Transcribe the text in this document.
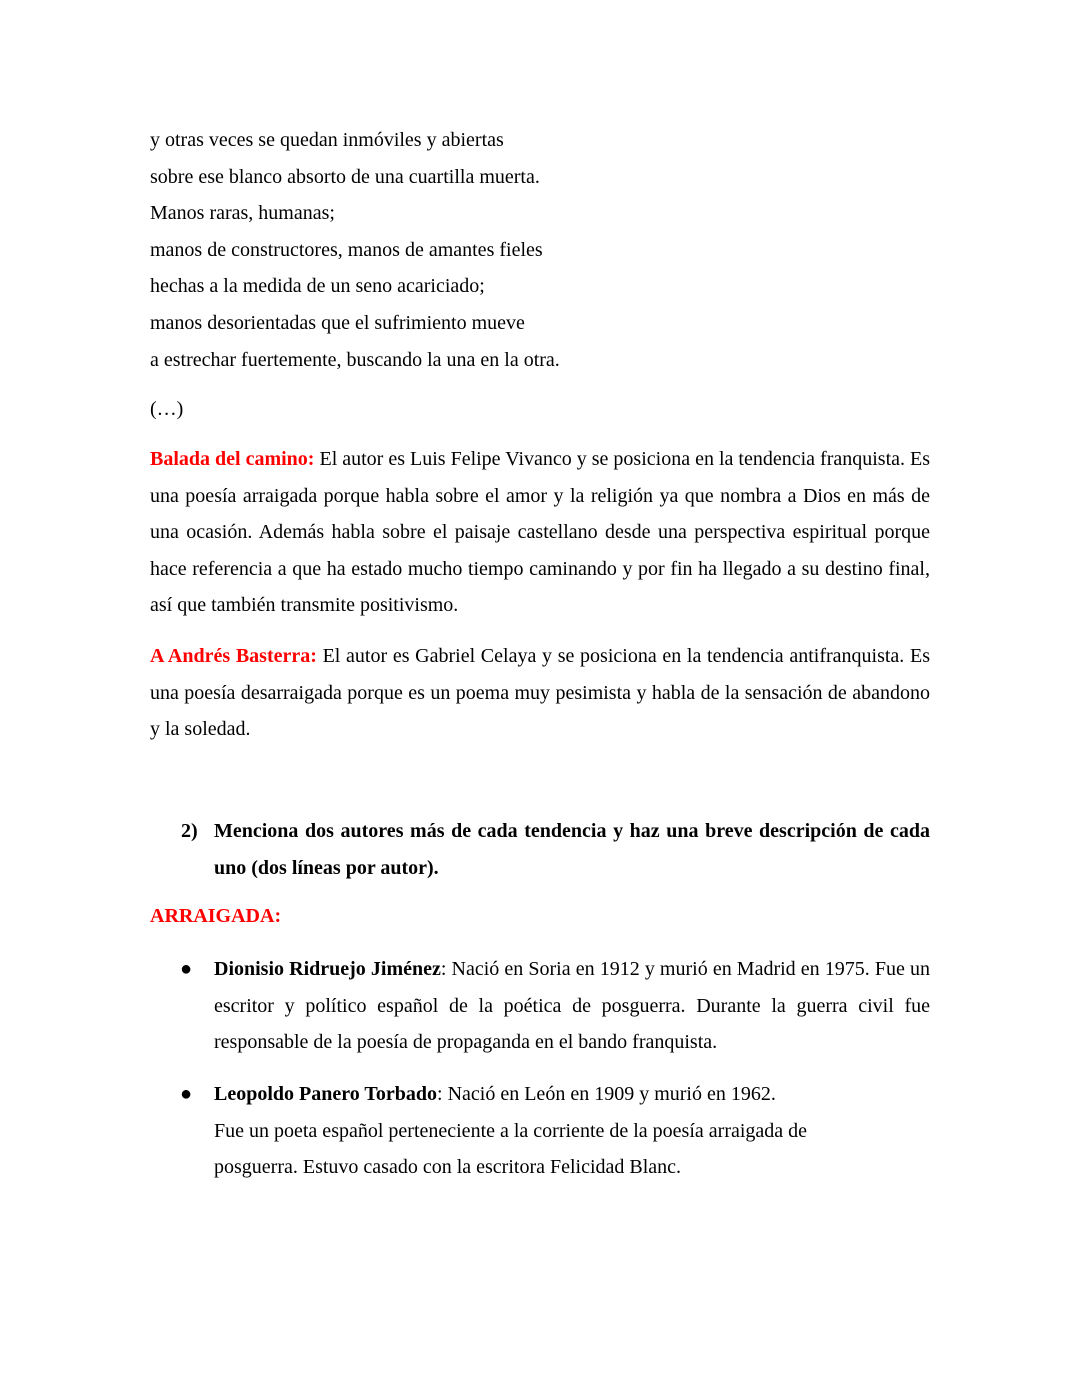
y otras veces se quedan inmóviles y abiertas
sobre ese blanco absorto de una cuartilla muerta.
Manos raras, humanas;
manos de constructores, manos de amantes fieles
hechas a la medida de un seno acariciado;
manos desorientadas que el sufrimiento mueve
a estrechar fuertemente, buscando la una en la otra.
(…)

Balada del camino: El autor es Luis Felipe Vivanco y se posiciona en la tendencia franquista. Es una poesía arraigada porque habla sobre el amor y la religión ya que nombra a Dios en más de una ocasión. Además habla sobre el paisaje castellano desde una perspectiva espiritual porque hace referencia a que ha estado mucho tiempo caminando y por fin ha llegado a su destino final, así que también transmite positivismo.

A Andrés Basterra: El autor es Gabriel Celaya y se posiciona en la tendencia antifranquista. Es una poesía desarraigada porque es un poema muy pesimista y habla de la sensación de abandono y la soledad.

2) Menciona dos autores más de cada tendencia y haz una breve descripción de cada uno (dos líneas por autor).

ARRAIGADA:
● Dionisio Ridruejo Jiménez: Nació en Soria en 1912 y murió en Madrid en 1975. Fue un escritor y político español de la poética de posguerra. Durante la guerra civil fue responsable de la poesía de propaganda en el bando franquista.

● Leopoldo Panero Torbado: Nació en León en 1909 y murió en 1962.
Fue un poeta español perteneciente a la corriente de la poesía arraigada de
posguerra. Estuvo casado con la escritora Felicidad Blanc.
